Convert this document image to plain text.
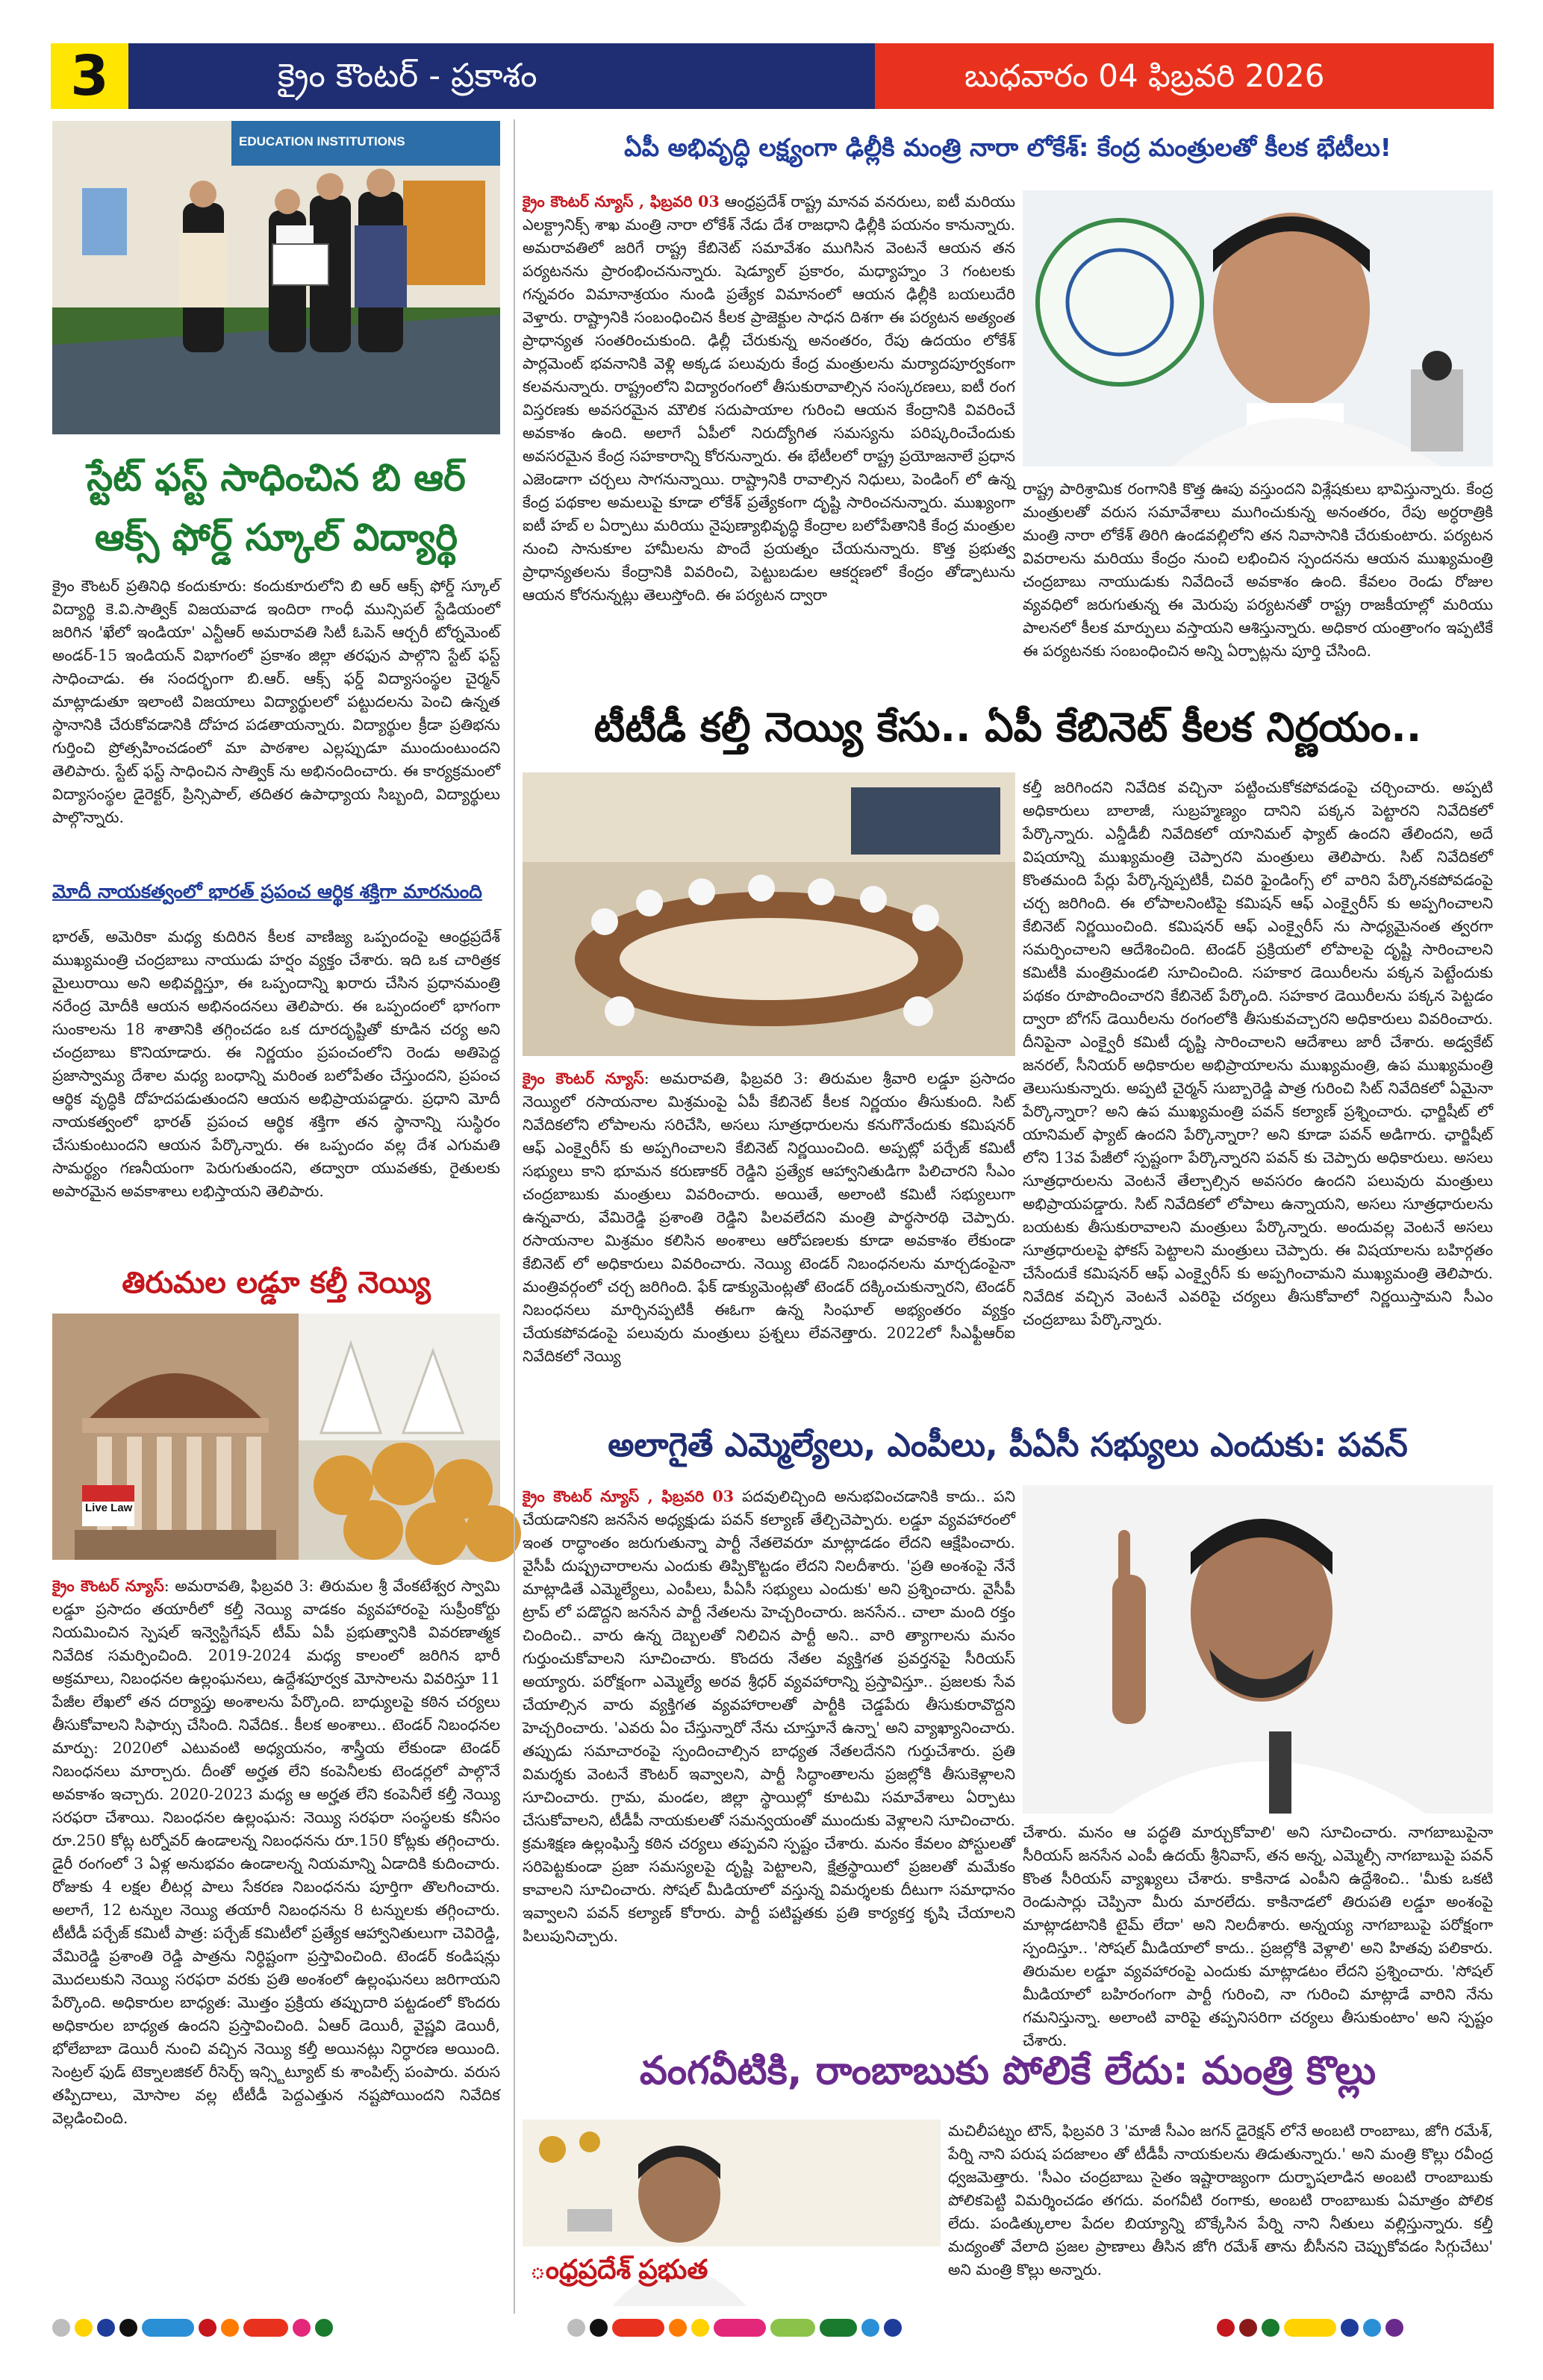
3	క్రైం కౌంటర్ - ప్రకాశం	బుధవారం 04 ఫిబ్రవరి 2026
EDUCATION INSTITUTIONS
స్టేట్ ఫస్ట్ సాధించిన బి ఆర్ ఆక్స్ ఫోర్డ్ స్కూల్ విద్యార్థి
క్రైం కౌంటర్ ప్రతినిధి కందుకూరు: కందుకూరులోని బి ఆర్ ఆక్స్ ఫోర్డ్ స్కూల్ విద్యార్థి కె.వి.సాత్విక్ విజయవాడ ఇందిరా గాంధీ మున్సిపల్ స్టేడియంలో జరిగిన 'ఖేలో ఇండియా' ఎన్టీఆర్ అమరావతి సిటీ ఓపెన్ ఆర్చరీ టోర్నమెంట్ అండర్-15 ఇండియన్ విభాగంలో ప్రకాశం జిల్లా తరఫున పాల్గొని స్టేట్ ఫస్ట్ సాధించాడు. ఈ సందర్భంగా బి.ఆర్. ఆక్స్ ఫర్డ్ విద్యాసంస్థల చైర్మన్ మాట్లాడుతూ ఇలాంటి విజయాలు విద్యార్థులలో పట్టుదలను పెంచి ఉన్నత స్థానానికి చేరుకోవడానికి దోహద పడతాయన్నారు. విద్యార్థుల క్రీడా ప్రతిభను గుర్తించి ప్రోత్సహించడంలో మా పాఠశాల ఎల్లప్పుడూ ముందుంటుందని తెలిపారు. స్టేట్ ఫస్ట్ సాధించిన సాత్విక్ ను అభినందించారు. ఈ కార్యక్రమంలో విద్యాసంస్థల డైరెక్టర్, ప్రిన్సిపాల్, తదితర ఉపాధ్యాయ సిబ్బంది, విద్యార్థులు పాల్గొన్నారు.
మోదీ నాయకత్వంలో భారత్ ప్రపంచ ఆర్థిక శక్తిగా మారనుంది
భారత్, అమెరికా మధ్య కుదిరిన కీలక వాణిజ్య ఒప్పందంపై ఆంధ్రప్రదేశ్ ముఖ్యమంత్రి చంద్రబాబు నాయుడు హర్షం వ్యక్తం చేశారు. ఇది ఒక చారిత్రక మైలురాయి అని అభివర్ణిస్తూ, ఈ ఒప్పందాన్ని ఖరారు చేసిన ప్రధానమంత్రి నరేంద్ర మోదీకి ఆయన అభినందనలు తెలిపారు. ఈ ఒప్పందంలో భాగంగా సుంకాలను 18 శాతానికి తగ్గించడం ఒక దూరదృష్టితో కూడిన చర్య అని చంద్రబాబు కొనియాడారు. ఈ నిర్ణయం ప్రపంచంలోని రెండు అతిపెద్ద ప్రజాస్వామ్య దేశాల మధ్య బంధాన్ని మరింత బలోపేతం చేస్తుందని, ప్రపంచ ఆర్థిక వృద్ధికి దోహదపడుతుందని ఆయన అభిప్రాయపడ్డారు. ప్రధాని మోదీ నాయకత్వంలో భారత్ ప్రపంచ ఆర్థిక శక్తిగా తన స్థానాన్ని సుస్థిరం చేసుకుంటుందని ఆయన పేర్కొన్నారు. ఈ ఒప్పందం వల్ల దేశ ఎగుమతి సామర్థ్యం గణనీయంగా పెరుగుతుందని, తద్వారా యువతకు, రైతులకు అపారమైన అవకాశాలు లభిస్తాయని తెలిపారు.
తిరుమల లడ్డూ కల్తీ నెయ్యి
Live Law
క్రైం కౌంటర్ న్యూస్: అమరావతి, ఫిబ్రవరి 3: తిరుమల శ్రీ వేంకటేశ్వర స్వామి లడ్డూ ప్రసాదం తయారీలో కల్తీ నెయ్యి వాడకం వ్యవహారంపై సుప్రీంకోర్టు నియమించిన స్పెషల్ ఇన్వెస్టిగేషన్ టీమ్ ఏపీ ప్రభుత్వానికి వివరణాత్మక నివేదిక సమర్పించింది. 2019-2024 మధ్య కాలంలో జరిగిన భారీ అక్రమాలు, నిబంధనల ఉల్లంఘనలు, ఉద్దేశపూర్వక మోసాలను వివరిస్తూ 11 పేజీల లేఖలో తన దర్యాప్తు అంశాలను పేర్కొంది. బాధ్యులపై కఠిన చర్యలు తీసుకోవాలని సిఫార్సు చేసింది. నివేదిక.. కీలక అంశాలు.. టెండర్ నిబంధనల మార్పు: 2020లో ఎటువంటి అధ్యయనం, శాస్త్రీయ లేకుండా టెండర్ నిబంధనలు మార్చారు. దీంతో అర్హత లేని కంపెనీలకు టెండర్లలో పాల్గొనే అవకాశం ఇచ్చారు. 2020-2023 మధ్య ఆ అర్హత లేని కంపెనీలే కల్తీ నెయ్యి సరఫరా చేశాయి. నిబంధనల ఉల్లంఘన: నెయ్యి సరఫరా సంస్థలకు కనీసం రూ.250 కోట్ల టర్నోవర్ ఉండాలన్న నిబంధనను రూ.150 కోట్లకు తగ్గించారు. డైరీ రంగంలో 3 ఏళ్ల అనుభవం ఉండాలన్న నియమాన్ని ఏడాదికి కుదించారు. రోజుకు 4 లక్షల లీటర్ల పాలు సేకరణ నిబంధనను పూర్తిగా తొలగించారు. అలాగే, 12 టన్నుల నెయ్యి తయారీ నిబంధనను 8 టన్నులకు తగ్గించారు. టీటీడీ పర్చేజ్ కమిటీ పాత్ర: పర్చేజ్ కమిటీలో ప్రత్యేక ఆహ్వానితులుగా చెవిరెడ్డి, వేమిరెడ్డి ప్రశాంతి రెడ్డి పాత్రను నిర్ధిష్టంగా ప్రస్తావించింది. టెండర్ కండిషన్లు మొదలుకుని నెయ్యి సరఫరా వరకు ప్రతి అంశంలో ఉల్లంఘనలు జరిగాయని పేర్కొంది. అధికారుల బాధ్యత: మొత్తం ప్రక్రియ తప్పుదారి పట్టడంలో కొందరు అధికారుల బాధ్యత ఉందని ప్రస్తావించింది. ఏఆర్ డెయిరీ, వైష్ణవి డెయిరీ, భోలేబాబా డెయిరీ నుంచి వచ్చిన నెయ్యి కల్తీ అయినట్లు నిర్ధారణ అయింది. సెంట్రల్ ఫుడ్ టెక్నాలజికల్ రీసెర్చ్ ఇన్స్టిట్యూట్ కు శాంపిల్స్ పంపారు. వరుస తప్పిదాలు, మోసాల వల్ల టీటీడీ పెద్దఎత్తున నష్టపోయిందని నివేదిక వెల్లడించింది.
ఏపీ అభివృద్ధి లక్ష్యంగా ఢిల్లీకి మంత్రి నారా లోకేశ్: కేంద్ర మంత్రులతో కీలక భేటీలు!
క్రైం కౌంటర్ న్యూస్ , ఫిబ్రవరి 03 ఆంధ్రప్రదేశ్ రాష్ట్ర మానవ వనరులు, ఐటీ మరియు ఎలక్ట్రానిక్స్ శాఖ మంత్రి నారా లోకేశ్ నేడు దేశ రాజధాని ఢిల్లీకి పయనం కానున్నారు. అమరావతిలో జరిగే రాష్ట్ర కేబినెట్ సమావేశం ముగిసిన వెంటనే ఆయన తన పర్యటనను ప్రారంభించనున్నారు. షెడ్యూల్ ప్రకారం, మధ్యాహ్నం 3 గంటలకు గన్నవరం విమానాశ్రయం నుండి ప్రత్యేక విమానంలో ఆయన ఢిల్లీకి బయలుదేరి వెళ్తారు. రాష్ట్రానికి సంబంధించిన కీలక ప్రాజెక్టుల సాధన దిశగా ఈ పర్యటన అత్యంత ప్రాధాన్యత సంతరించుకుంది. ఢిల్లీ చేరుకున్న అనంతరం, రేపు ఉదయం లోకేశ్ పార్లమెంట్ భవనానికి వెళ్లి అక్కడ పలువురు కేంద్ర మంత్రులను మర్యాదపూర్వకంగా కలవనున్నారు. రాష్ట్రంలోని విద్యారంగంలో తీసుకురావాల్సిన సంస్కరణలు, ఐటీ రంగ విస్తరణకు అవసరమైన మౌలిక సదుపాయాల గురించి ఆయన కేంద్రానికి వివరించే అవకాశం ఉంది. అలాగే ఏపీలో నిరుద్యోగిత సమస్యను పరిష్కరించేందుకు అవసరమైన కేంద్ర సహకారాన్ని కోరనున్నారు. ఈ భేటీలలో రాష్ట్ర ప్రయోజనాలే ప్రధాన ఎజెండాగా చర్చలు సాగనున్నాయి. రాష్ట్రానికి రావాల్సిన నిధులు, పెండింగ్ లో ఉన్న కేంద్ర పథకాల అమలుపై కూడా లోకేశ్ ప్రత్యేకంగా దృష్టి సారించనున్నారు. ముఖ్యంగా ఐటీ హబ్ ల ఏర్పాటు మరియు నైపుణ్యాభివృద్ధి కేంద్రాల బలోపేతానికి కేంద్ర మంత్రుల నుంచి సానుకూల హామీలను పొందే ప్రయత్నం చేయనున్నారు. కొత్త ప్రభుత్వ ప్రాధాన్యతలను కేంద్రానికి వివరించి, పెట్టుబడుల ఆకర్షణలో కేంద్రం తోడ్పాటును ఆయన కోరనున్నట్లు తెలుస్తోంది. ఈ పర్యటన ద్వారా
రాష్ట్ర పారిశ్రామిక రంగానికి కొత్త ఊపు వస్తుందని విశ్లేషకులు భావిస్తున్నారు. కేంద్ర మంత్రులతో వరుస సమావేశాలు ముగించుకున్న అనంతరం, రేపు అర్ధరాత్రికి మంత్రి నారా లోకేశ్ తిరిగి ఉండవల్లిలోని తన నివాసానికి చేరుకుంటారు. పర్యటన వివరాలను మరియు కేంద్రం నుంచి లభించిన స్పందనను ఆయన ముఖ్యమంత్రి చంద్రబాబు నాయుడుకు నివేదించే అవకాశం ఉంది. కేవలం రెండు రోజుల వ్యవధిలో జరుగుతున్న ఈ మెరుపు పర్యటనతో రాష్ట్ర రాజకీయాల్లో మరియు పాలనలో కీలక మార్పులు వస్తాయని ఆశిస్తున్నారు. అధికార యంత్రాంగం ఇప్పటికే ఈ పర్యటనకు సంబంధించిన అన్ని ఏర్పాట్లను పూర్తి చేసింది.
టీటీడీ కల్తీ నెయ్యి కేసు.. ఏపీ కేబినెట్ కీలక నిర్ణయం..
క్రైం కౌంటర్ న్యూస్: అమరావతి, ఫిబ్రవరి 3: తిరుమల శ్రీవారి లడ్డూ ప్రసాదం నెయ్యిలో రసాయనాల మిశ్రమంపై ఏపీ కేబినెట్ కీలక నిర్ణయం తీసుకుంది. సిట్ నివేదికలోని లోపాలను సరిచేసి, అసలు సూత్రధారులను కనుగొనేందుకు కమిషనర్ ఆఫ్ ఎంక్వైరీస్ కు అప్పగించాలని కేబినెట్ నిర్ణయించింది. అప్పట్లో పర్చేజ్ కమిటీ సభ్యులు కాని భూమన కరుణాకర్ రెడ్డిని ప్రత్యేక ఆహ్వానితుడిగా పిలిచారని సీఎం చంద్రబాబుకు మంత్రులు వివరించారు. అయితే, అలాంటి కమిటీ సభ్యులుగా ఉన్నవారు, వేమిరెడ్డి ప్రశాంతి రెడ్డిని పిలవలేదని మంత్రి పార్థసారథి చెప్పారు. రసాయనాల మిశ్రమం కలిసిన అంశాలు ఆరోపణలకు కూడా అవకాశం లేకుండా కేబినెట్ లో అధికారులు వివరించారు. నెయ్యి టెండర్ నిబంధనలను మార్చడంపైనా మంత్రివర్గంలో చర్చ జరిగింది. ఫేక్ డాక్యుమెంట్లతో టెండర్ దక్కించుకున్నారని, టెండర్ నిబంధనలు మార్చినప్పటికీ ఈఓగా ఉన్న సింఘాల్ అభ్యంతరం వ్యక్తం చేయకపోవడంపై పలువురు మంత్రులు ప్రశ్నలు లేవనెత్తారు. 2022లో సీఎఫ్టీఆర్ఐ నివేదికలో నెయ్యి
కల్తీ జరిగిందని నివేదిక వచ్చినా పట్టించుకోకపోవడంపై చర్చించారు. అప్పటి అధికారులు బాలాజీ, సుబ్రహ్మణ్యం దానిని పక్కన పెట్టారని నివేదికలో పేర్కొన్నారు. ఎన్డీడీబీ నివేదికలో యానిమల్ ఫ్యాట్ ఉందని తేలిందని, అదే విషయాన్ని ముఖ్యమంత్రి చెప్పారని మంత్రులు తెలిపారు. సిట్ నివేదికలో కొంతమంది పేర్లు పేర్కొన్నప్పటికీ, చివరి ఫైండింగ్స్ లో వారిని పేర్కొనకపోవడంపై చర్చ జరిగింది. ఈ లోపాలనింటిపై కమిషన్ ఆఫ్ ఎంక్వైరీస్ కు అప్పగించాలని కేబినెట్ నిర్ణయించింది. కమిషనర్ ఆఫ్ ఎంక్వైరీస్ ను సాధ్యమైనంత త్వరగా సమర్పించాలని ఆదేశించింది. టెండర్ ప్రక్రియలో లోపాలపై దృష్టి సారించాలని కమిటీకి మంత్రిమండలి సూచించింది. సహకార డెయిరీలను పక్కన పెట్టేందుకు పథకం రూపొందించారని కేబినెట్ పేర్కొంది. సహకార డెయిరీలను పక్కన పెట్టడం ద్వారా బోగస్ డెయిరీలను రంగంలోకి తీసుకువచ్చారని అధికారులు వివరించారు. దీనిపైనా ఎంక్వైరీ కమిటీ దృష్టి సారించాలని ఆదేశాలు జారీ చేశారు. అడ్వకేట్ జనరల్, సీనియర్ అధికారుల అభిప్రాయాలను ముఖ్యమంత్రి, ఉప ముఖ్యమంత్రి తెలుసుకున్నారు. అప్పటి చైర్మన్ సుబ్బారెడ్డి పాత్ర గురించి సిట్ నివేదికలో ఏమైనా పేర్కొన్నారా? అని ఉప ముఖ్యమంత్రి పవన్ కల్యాణ్ ప్రశ్నించారు. ఛార్జిషీట్ లో యానిమల్ ఫ్యాట్ ఉందని పేర్కొన్నారా? అని కూడా పవన్ అడిగారు. ఛార్జిషీట్ లోని 13వ పేజీలో స్పష్టంగా పేర్కొన్నారని పవన్ కు చెప్పారు అధికారులు. అసలు సూత్రధారులను వెంటనే తేల్చాల్సిన అవసరం ఉందని పలువురు మంత్రులు అభిప్రాయపడ్డారు. సిట్ నివేదికలో లోపాలు ఉన్నాయని, అసలు సూత్రధారులను బయటకు తీసుకురావాలని మంత్రులు పేర్కొన్నారు. అందువల్ల వెంటనే అసలు సూత్రధారులపై ఫోకస్ పెట్టాలని మంత్రులు చెప్పారు. ఈ విషయాలను బహిర్గతం చేసేందుకే కమిషనర్ ఆఫ్ ఎంక్వైరీస్ కు అప్పగించామని ముఖ్యమంత్రి తెలిపారు. నివేదిక వచ్చిన వెంటనే ఎవరిపై చర్యలు తీసుకోవాలో నిర్ణయిస్తామని సీఎం చంద్రబాబు పేర్కొన్నారు.
అలాగైతే ఎమ్మెల్యేలు, ఎంపీలు, పీఏసీ సభ్యులు ఎందుకు: పవన్
క్రైం కౌంటర్ న్యూస్ , ఫిబ్రవరి 03 పదవులిచ్చింది అనుభవించడానికి కాదు.. పని చేయడానికని జనసేన అధ్యక్షుడు పవన్ కల్యాణ్ తేల్చిచెప్పారు. లడ్డూ వ్యవహారంలో ఇంత రాద్ధాంతం జరుగుతున్నా పార్టీ నేతలెవరూ మాట్లాడడం లేదని ఆక్షేపించారు. వైసీపీ దుష్ప్రచారాలను ఎందుకు తిప్పికొట్టడం లేదని నిలదీశారు. 'ప్రతి అంశంపై నేనే మాట్లాడితే ఎమ్మెల్యేలు, ఎంపీలు, పీఏసీ సభ్యులు ఎందుకు' అని ప్రశ్నించారు. వైసీపీ ట్రాప్ లో పడొద్దని జనసేన పార్టీ నేతలను హెచ్చరించారు. జనసేన.. చాలా మంది రక్తం చిందించి.. వారు ఉన్న దెబ్బలతో నిలిచిన పార్టీ అని.. వారి త్యాగాలను మనం గుర్తుంచుకోవాలని సూచించారు. కొందరు నేతల వ్యక్తిగత ప్రవర్తనపై సీరియస్ అయ్యారు. పరోక్షంగా ఎమ్మెల్యే అరవ శ్రీధర్ వ్యవహారాన్ని ప్రస్తావిస్తూ.. ప్రజలకు సేవ చేయాల్సిన వారు వ్యక్తిగత వ్యవహారాలతో పార్టీకి చెడ్డపేరు తీసుకురావొద్దని హెచ్చరించారు. 'ఎవరు ఏం చేస్తున్నారో నేను చూస్తూనే ఉన్నా' అని వ్యాఖ్యానించారు. తప్పుడు సమాచారంపై స్పందించాల్సిన బాధ్యత నేతలదేనని గుర్తుచేశారు. ప్రతి విమర్శకు వెంటనే కౌంటర్ ఇవ్వాలని, పార్టీ సిద్ధాంతాలను ప్రజల్లోకి తీసుకెళ్లాలని సూచించారు. గ్రామ, మండల, జిల్లా స్థాయిల్లో కూటమి సమావేశాలు ఏర్పాటు చేసుకోవాలని, టీడీపీ నాయకులతో సమన్వయంతో ముందుకు వెళ్లాలని సూచించారు. క్రమశిక్షణ ఉల్లంఘిస్తే కఠిన చర్యలు తప్పవని స్పష్టం చేశారు. మనం కేవలం పోస్టులతో సరిపెట్టకుండా ప్రజా సమస్యలపై దృష్టి పెట్టాలని, క్షేత్రస్థాయిలో ప్రజలతో మమేకం కావాలని సూచించారు. సోషల్ మీడియాలో వస్తున్న విమర్శలకు దీటుగా సమాధానం ఇవ్వాలని పవన్ కల్యాణ్ కోరారు. పార్టీ పటిష్టతకు ప్రతి కార్యకర్త కృషి చేయాలని పిలుపునిచ్చారు.
చేశారు. మనం ఆ పద్ధతి మార్చుకోవాలి' అని సూచించారు. నాగబాబుపైనా సీరియస్ జనసేన ఎంపీ ఉదయ్ శ్రీనివాస్, తన అన్న, ఎమ్మెల్సీ నాగబాబుపై పవన్ కొంత సీరియస్ వ్యాఖ్యలు చేశారు. కాకినాడ ఎంపీని ఉద్దేశించి.. 'మీకు ఒకటి రెండుసార్లు చెప్పినా మీరు మారలేదు. కాకినాడలో తిరుపతి లడ్డూ అంశంపై మాట్లాడటానికి టైమ్ లేదా' అని నిలదీశారు. అన్నయ్య నాగబాబుపై పరోక్షంగా స్పందిస్తూ.. 'సోషల్ మీడియాలో కాదు.. ప్రజల్లోకి వెళ్లాలి' అని హితవు పలికారు. తిరుమల లడ్డూ వ్యవహారంపై ఎందుకు మాట్లాడటం లేదని ప్రశ్నించారు. 'సోషల్ మీడియాలో బహిరంగంగా పార్టీ గురించి, నా గురించి మాట్లాడే వారిని నేను గమనిస్తున్నా. అలాంటి వారిపై తప్పనిసరిగా చర్యలు తీసుకుంటాం' అని స్పష్టం చేశారు.
వంగవీటికి, రాంబాబుకు పోలికే లేదు: మంత్రి కొల్లు
ంధ్రప్రదేశ్ ప్రభుత
మచిలీపట్నం టౌన్, ఫిబ్రవరి 3 'మాజీ సీఎం జగన్ డైరెక్షన్ లోనే అంబటి రాంబాబు, జోగి రమేశ్, పేర్ని నాని పరుష పదజాలం తో టీడీపీ నాయకులను తిడుతున్నారు.' అని మంత్రి కొల్లు రవీంద్ర ధ్వజమెత్తారు. 'సీఎం చంద్రబాబు సైతం ఇష్టారాజ్యంగా దుర్భాషలాడిన అంబటి రాంబాబుకు పోలికపెట్టి విమర్శించడం తగదు. వంగవీటి రంగాకు, అంబటి రాంబాబుకు ఏమాత్రం పోలిక లేదు. పండిత్కులాల పేదల బియ్యాన్ని బొక్కేసిన పేర్ని నాని నీతులు వల్లిస్తున్నారు. కల్తీ మద్యంతో వేలాది ప్రజల ప్రాణాలు తీసిన జోగి రమేశ్ తాను బీసీనని చెప్పుకోవడం సిగ్గుచేటు' అని మంత్రి కొల్లు అన్నారు.
